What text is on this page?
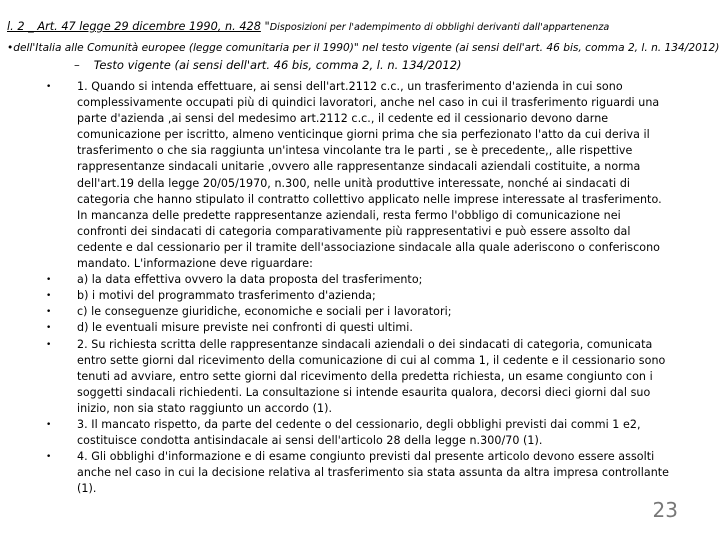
l. 2 _ Art. 47 legge 29 dicembre 1990, n. 428 "Disposizioni per l'adempimento di obblighi derivanti dall'appartenenza
•dell'Italia alle Comunità europee (legge comunitaria per il 1990)" nel testo vigente (ai sensi dell'art. 46 bis, comma 2, l. n. 134/2012)
– Testo vigente (ai sensi dell'art. 46 bis, comma 2, l. n. 134/2012)
• 1. Quando si intenda effettuare, ai sensi dell'art.2112 c.c., un trasferimento d'azienda in cui sono
complessivamente occupati più di quindici lavoratori, anche nel caso in cui il trasferimento riguardi una
parte d'azienda ,ai sensi del medesimo art.2112 c.c., il cedente ed il cessionario devono darne
comunicazione per iscritto, almeno venticinque giorni prima che sia perfezionato l'atto da cui deriva il
trasferimento o che sia raggiunta un'intesa vincolante tra le parti , se è precedente,, alle rispettive
rappresentanze sindacali unitarie ,ovvero alle rappresentanze sindacali aziendali costituite, a norma
dell'art.19 della legge 20/05/1970, n.300, nelle unità produttive interessate, nonché ai sindacati di
categoria che hanno stipulato il contratto collettivo applicato nelle imprese interessate al trasferimento.
In mancanza delle predette rappresentanze aziendali, resta fermo l'obbligo di comunicazione nei
confronti dei sindacati di categoria comparativamente più rappresentativi e può essere assolto dal
cedente e dal cessionario per il tramite dell'associazione sindacale alla quale aderiscono o conferiscono
mandato. L'informazione deve riguardare:
• a) la data effettiva ovvero la data proposta del trasferimento;
• b) i motivi del programmato trasferimento d'azienda;
• c) le conseguenze giuridiche, economiche e sociali per i lavoratori;
• d) le eventuali misure previste nei confronti di questi ultimi.
• 2. Su richiesta scritta delle rappresentanze sindacali aziendali o dei sindacati di categoria, comunicata
entro sette giorni dal ricevimento della comunicazione di cui al comma 1, il cedente e il cessionario sono
tenuti ad avviare, entro sette giorni dal ricevimento della predetta richiesta, un esame congiunto con i
soggetti sindacali richiedenti. La consultazione si intende esaurita qualora, decorsi dieci giorni dal suo
inizio, non sia stato raggiunto un accordo (1).
• 3. Il mancato rispetto, da parte del cedente o del cessionario, degli obblighi previsti dai commi 1 e2,
costituisce condotta antisindacale ai sensi dell'articolo 28 della legge n.300/70 (1).
• 4. Gli obblighi d'informazione e di esame congiunto previsti dal presente articolo devono essere assolti
anche nel caso in cui la decisione relativa al trasferimento sia stata assunta da altra impresa controllante
(1).
23
